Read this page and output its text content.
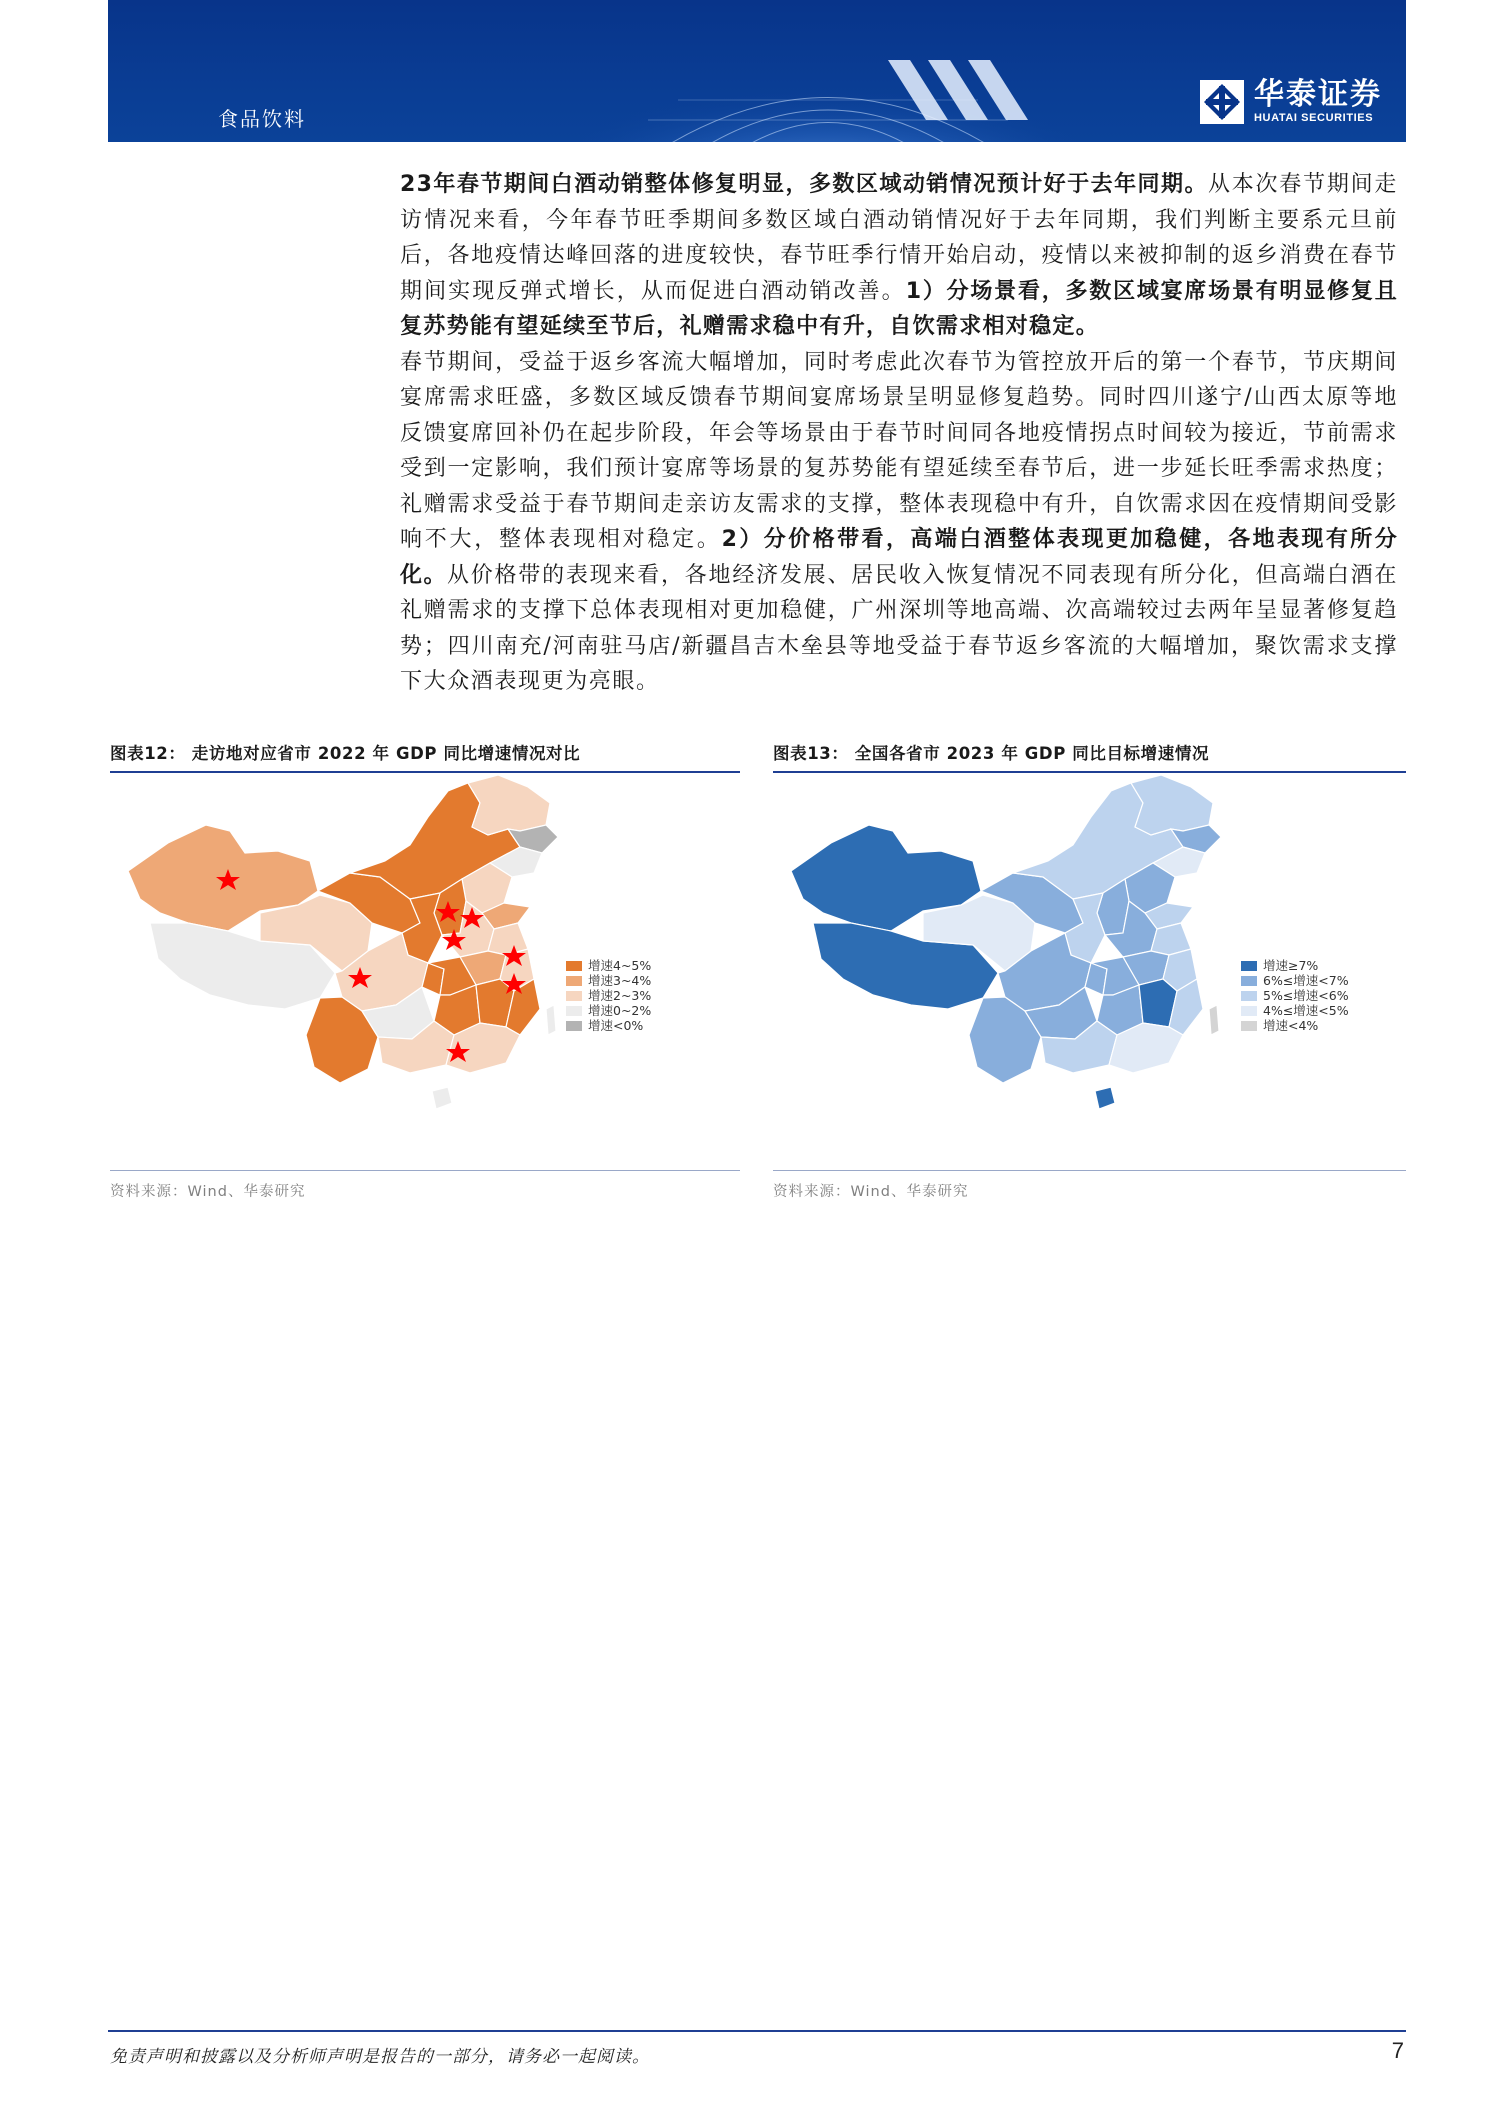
食品饮料
华泰证券
HUATAI SECURITIES
23年春节期间白酒动销整体修复明显，多数区域动销情况预计好于去年同期。从本次春节期间走访情况来看，今年春节旺季期间多数区域白酒动销情况好于去年同期，我们判断主要系元旦前后，各地疫情达峰回落的进度较快，春节旺季行情开始启动，疫情以来被抑制的返乡消费在春节期间实现反弹式增长，从而促进白酒动销改善。1）分场景看，多数区域宴席场景有明显修复且复苏势能有望延续至节后，礼赠需求稳中有升，自饮需求相对稳定。
春节期间，受益于返乡客流大幅增加，同时考虑此次春节为管控放开后的第一个春节，节庆期间宴席需求旺盛，多数区域反馈春节期间宴席场景呈明显修复趋势。同时四川遂宁/山西太原等地反馈宴席回补仍在起步阶段，年会等场景由于春节时间同各地疫情拐点时间较为接近，节前需求受到一定影响，我们预计宴席等场景的复苏势能有望延续至春节后，进一步延长旺季需求热度；礼赠需求受益于春节期间走亲访友需求的支撑，整体表现稳中有升，自饮需求因在疫情期间受影响不大，整体表现相对稳定。2）分价格带看，高端白酒整体表现更加稳健，各地表现有所分化。从价格带的表现来看，各地经济发展、居民收入恢复情况不同表现有所分化，但高端白酒在礼赠需求的支撑下总体表现相对更加稳健，广州深圳等地高端、次高端较过去两年呈显著修复趋势；四川南充/河南驻马店/新疆昌吉木垒县等地受益于春节返乡客流的大幅增加，聚饮需求支撑下大众酒表现更为亮眼。
图表12： 走访地对应省市 2022 年 GDP 同比增速情况对比
增速4~5%
增速3~4%
增速2~3%
增速0~2%
增速<0%
资料来源：Wind、华泰研究
图表13： 全国各省市 2023 年 GDP 同比目标增速情况
增速≥7%
6%≤增速<7%
5%≤增速<6%
4%≤增速<5%
增速<4%
资料来源：Wind、华泰研究
免责声明和披露以及分析师声明是报告的一部分，请务必一起阅读。	7
